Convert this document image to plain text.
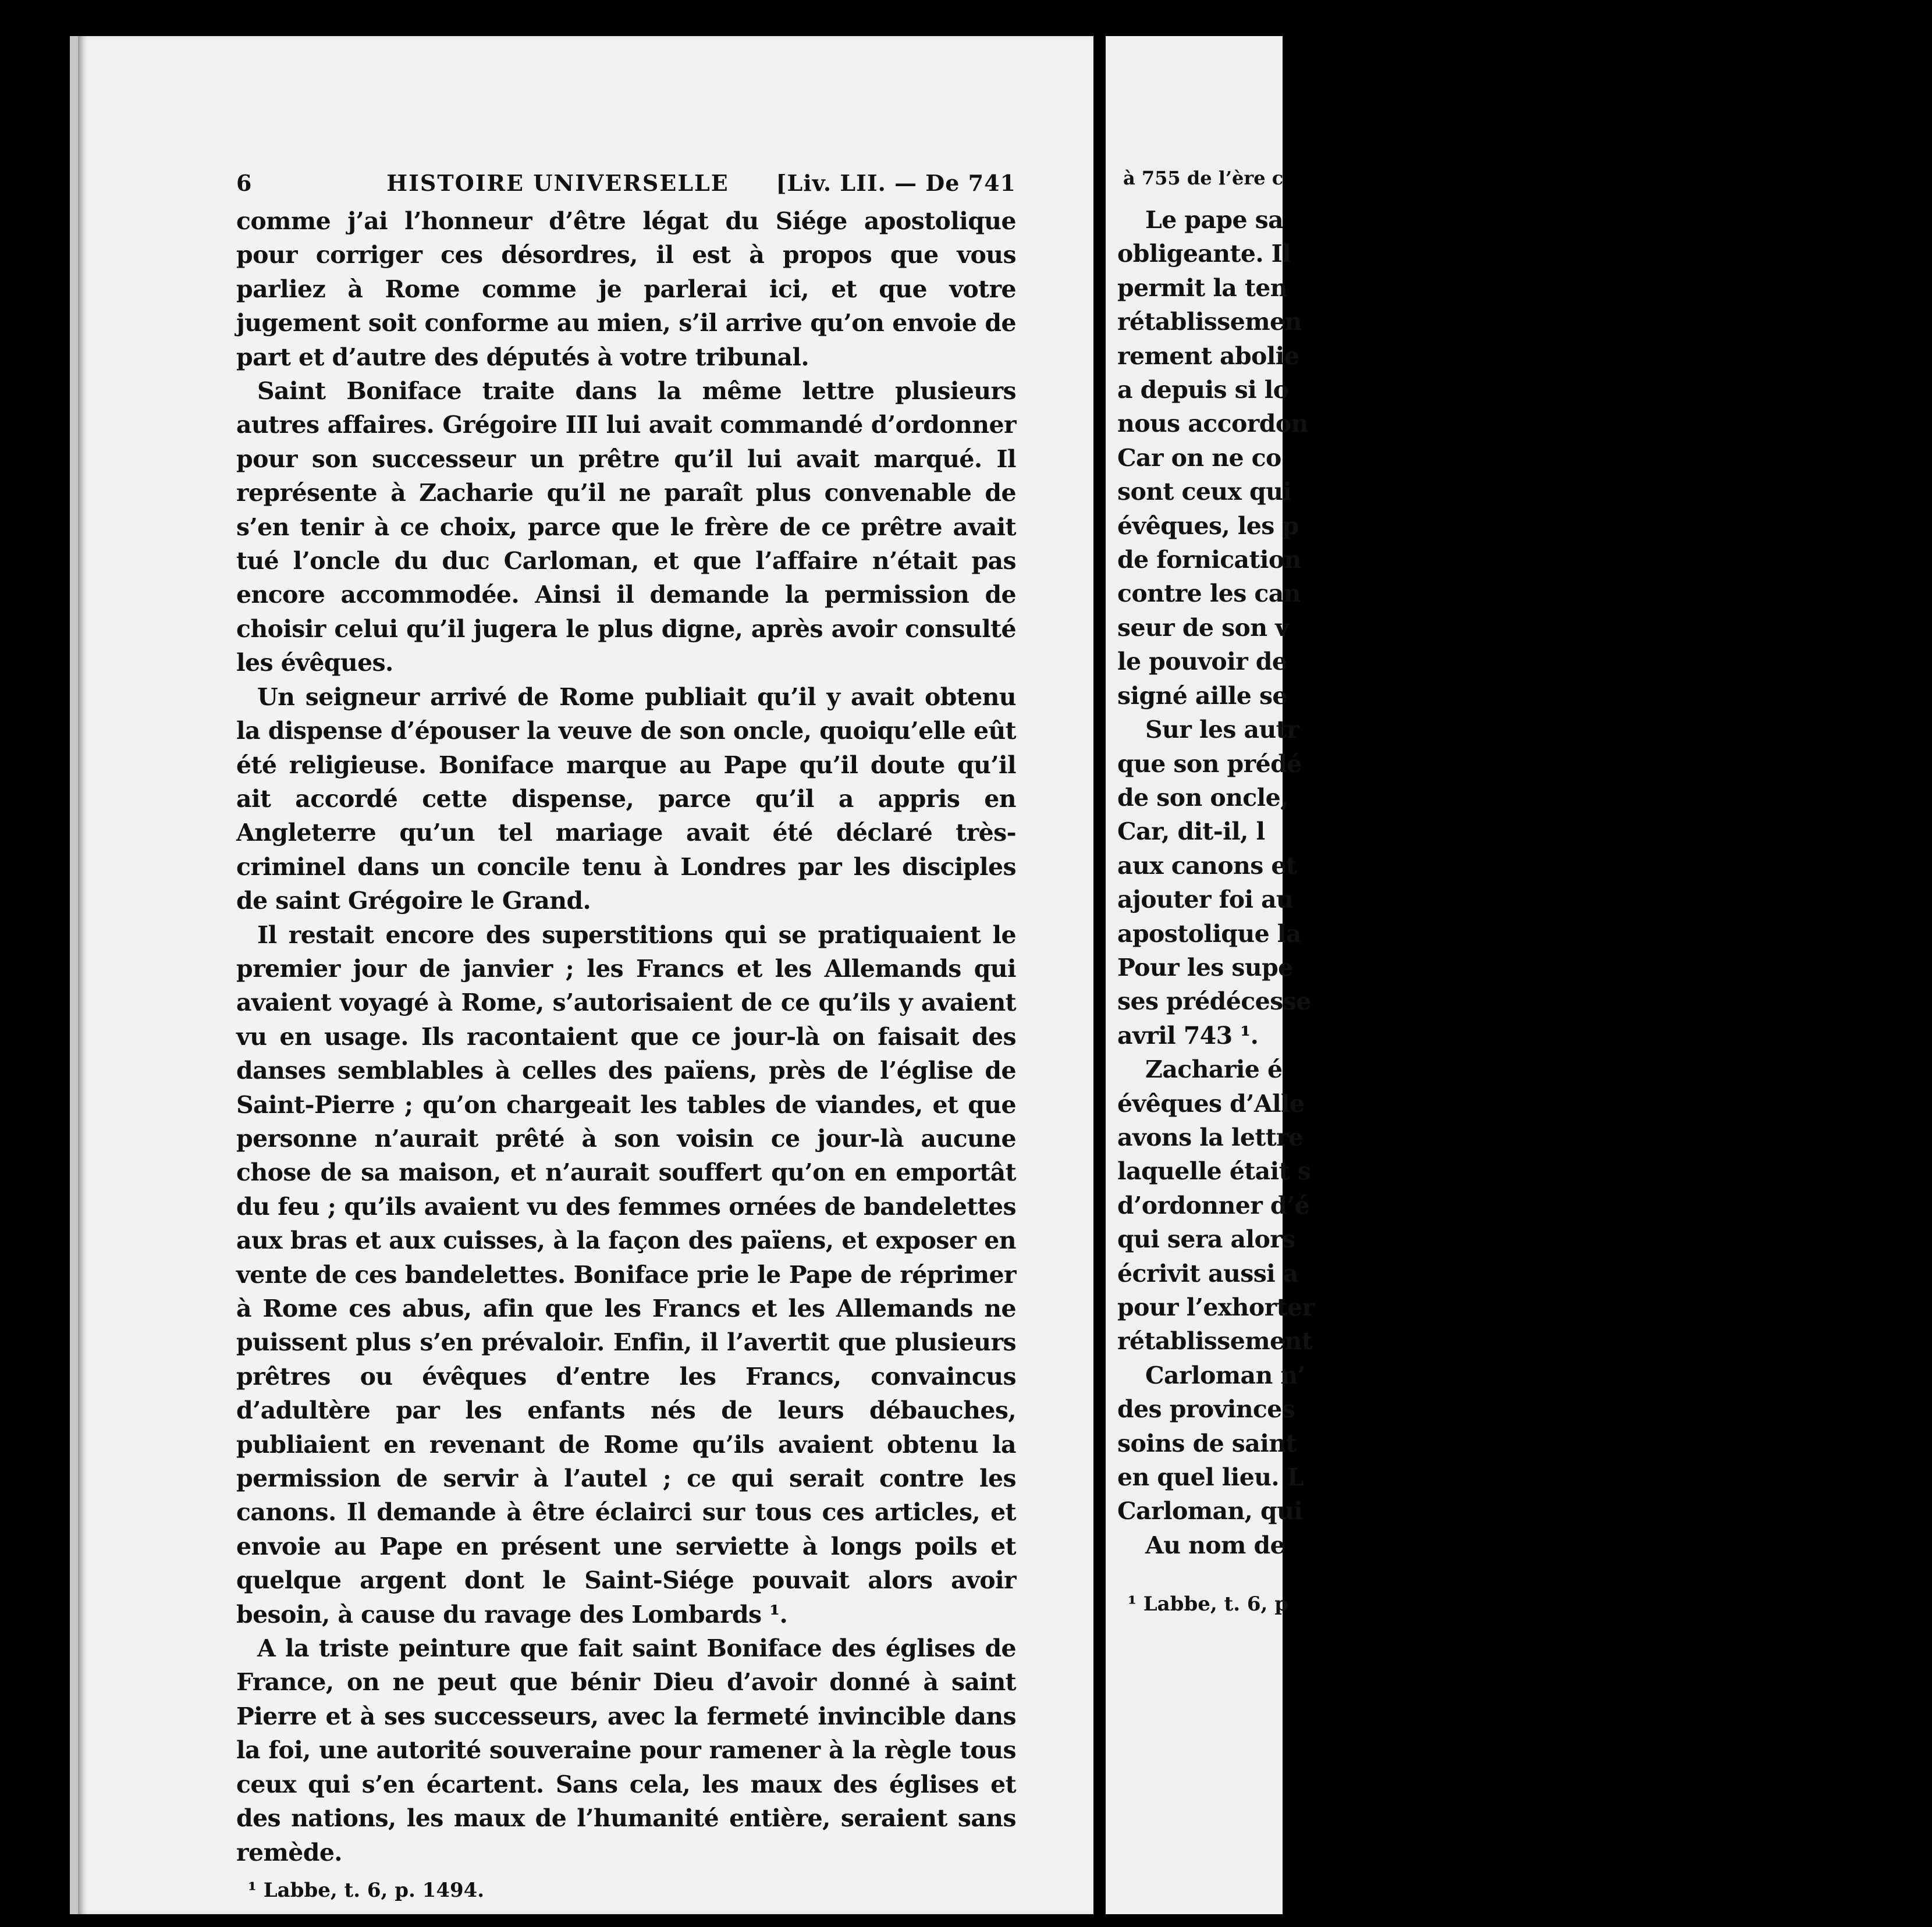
6	HISTOIRE UNIVERSELLE [Liv. LII. — De 741

comme j’ai l’honneur d’être légat du Siége apostolique pour corriger ces désordres, il est à propos que vous parliez à Rome comme je parlerai ici, et que votre jugement soit conforme au mien, s’il arrive qu’on envoie de part et d’autre des députés à votre tribunal.

Saint Boniface traite dans la même lettre plusieurs autres affaires. Grégoire III lui avait commandé d’ordonner pour son successeur un prêtre qu’il lui avait marqué. Il représente à Zacharie qu’il ne paraît plus convenable de s’en tenir à ce choix, parce que le frère de ce prêtre avait tué l’oncle du duc Carloman, et que l’affaire n’était pas encore accommodée. Ainsi il demande la permission de choisir celui qu’il jugera le plus digne, après avoir consulté les évêques.

Un seigneur arrivé de Rome publiait qu’il y avait obtenu la dispense d’épouser la veuve de son oncle, quoiqu’elle eût été religieuse. Boniface marque au Pape qu’il doute qu’il ait accordé cette dispense, parce qu’il a appris en Angleterre qu’un tel mariage avait été déclaré très-criminel dans un concile tenu à Londres par les disciples de saint Grégoire le Grand.

Il restait encore des superstitions qui se pratiquaient le premier jour de janvier ; les Francs et les Allemands qui avaient voyagé à Rome, s’autorisaient de ce qu’ils y avaient vu en usage. Ils racontaient que ce jour-là on faisait des danses semblables à celles des païens, près de l’église de Saint-Pierre ; qu’on chargeait les tables de viandes, et que personne n’aurait prêté à son voisin ce jour-là aucune chose de sa maison, et n’aurait souffert qu’on en emportât du feu ; qu’ils avaient vu des femmes ornées de bandelettes aux bras et aux cuisses, à la façon des païens, et exposer en vente de ces bandelettes. Boniface prie le Pape de réprimer à Rome ces abus, afin que les Francs et les Allemands ne puissent plus s’en prévaloir. Enfin, il l’avertit que plusieurs prêtres ou évêques d’entre les Francs, convaincus d’adultère par les enfants nés de leurs débauches, publiaient en revenant de Rome qu’ils avaient obtenu la permission de servir à l’autel ; ce qui serait contre les canons. Il demande à être éclairci sur tous ces articles, et envoie au Pape en présent une serviette à longs poils et quelque argent dont le Saint-Siége pouvait alors avoir besoin, à cause du ravage des Lombards ¹.

A la triste peinture que fait saint Boniface des églises de France, on ne peut que bénir Dieu d’avoir donné à saint Pierre et à ses successeurs, avec la fermeté invincible dans la foi, une autorité souveraine pour ramener à la règle tous ceux qui s’en écartent. Sans cela, les maux des églises et des nations, les maux de l’humanité entière, seraient sans remède.

¹ Labbe, t. 6, p. 1494.
à 755 de l’ère c
Le pape sa
obligeante. Il
permit la ten
rétablissemen
rement abolie
a depuis si lo
nous accordon
Car on ne co
sont ceux qui
évêques, les p
de fornication
contre les can
seur de son v
le pouvoir de
signé aille se
Sur les autr
que son prédé
de son oncle,
Car, dit-il, l
aux canons et
ajouter foi au
apostolique la
Pour les supe
ses prédécesse
avril 743 ¹.
Zacharie é
évêques d’Alle
avons la lettre
laquelle était s
d’ordonner d’é
qui sera alors
écrivit aussi a
pour l’exhorter
rétablissement
Carloman n’
des provinces
soins de saint
en quel lieu. L
Carloman, qui
Au nom de
¹ Labbe, t. 6, p
